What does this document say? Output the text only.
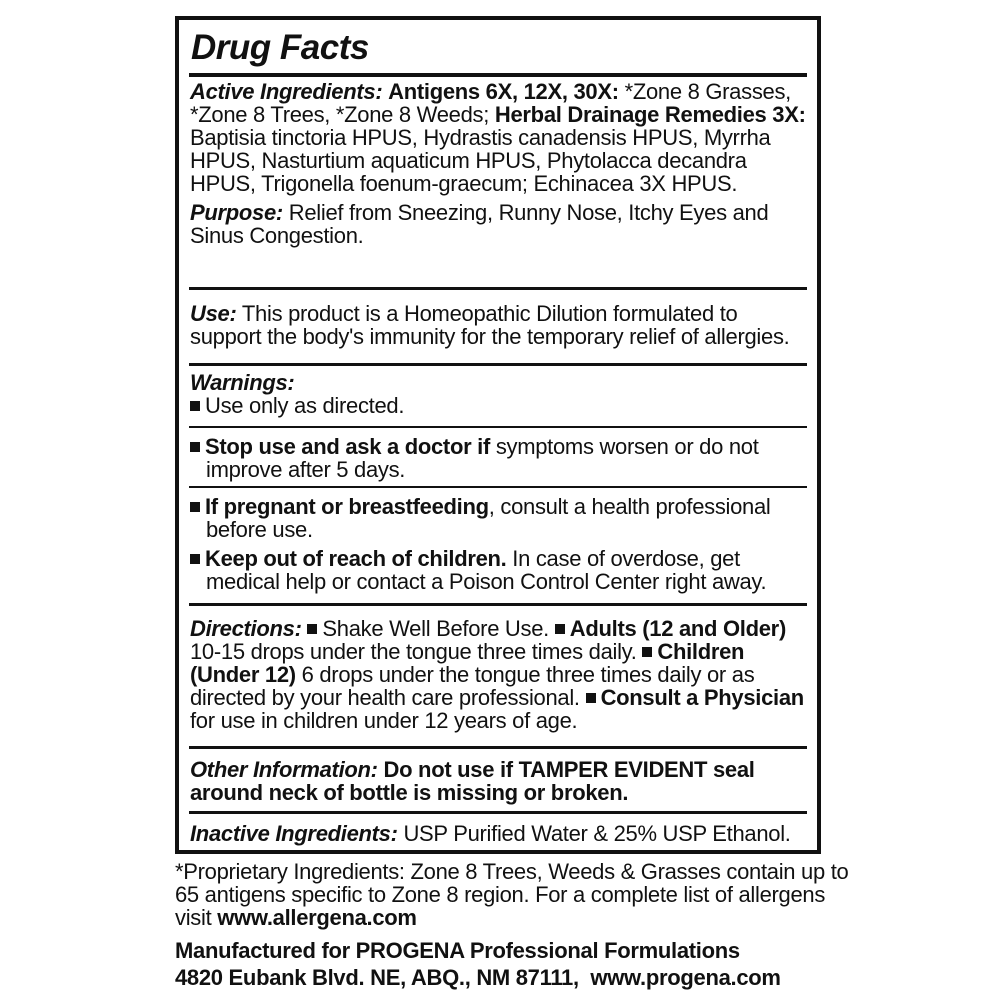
Drug Facts

Active Ingredients: Antigens 6X, 12X, 30X: *Zone 8 Grasses, *Zone 8 Trees, *Zone 8 Weeds; Herbal Drainage Remedies 3X: Baptisia tinctoria HPUS, Hydrastis canadensis HPUS, Myrrha HPUS, Nasturtium aquaticum HPUS, Phytolacca decandra HPUS, Trigonella foenum-graecum; Echinacea 3X HPUS.

Purpose: Relief from Sneezing, Runny Nose, Itchy Eyes and Sinus Congestion.

Use: This product is a Homeopathic Dilution formulated to support the body's immunity for the temporary relief of allergies.

Warnings:

Use only as directed.

Stop use and ask a doctor if symptoms worsen or do not improve after 5 days.

If pregnant or breastfeeding, consult a health professional before use.

Keep out of reach of children. In case of overdose, get medical help or contact a Poison Control Center right away.

Directions: Shake Well Before Use. Adults (12 and Older) 10-15 drops under the tongue three times daily. Children (Under 12) 6 drops under the tongue three times daily or as directed by your health care professional. Consult a Physician for use in children under 12 years of age.

Other Information: Do not use if TAMPER EVIDENT seal around neck of bottle is missing or broken.

Inactive Ingredients: USP Purified Water & 25% USP Ethanol.

*Proprietary Ingredients: Zone 8 Trees, Weeds & Grasses contain up to 65 antigens specific to Zone 8 region. For a complete list of allergens visit www.allergena.com

Manufactured for PROGENA Professional Formulations

4820 Eubank Blvd. NE, ABQ., NM 87111,  www.progena.com
